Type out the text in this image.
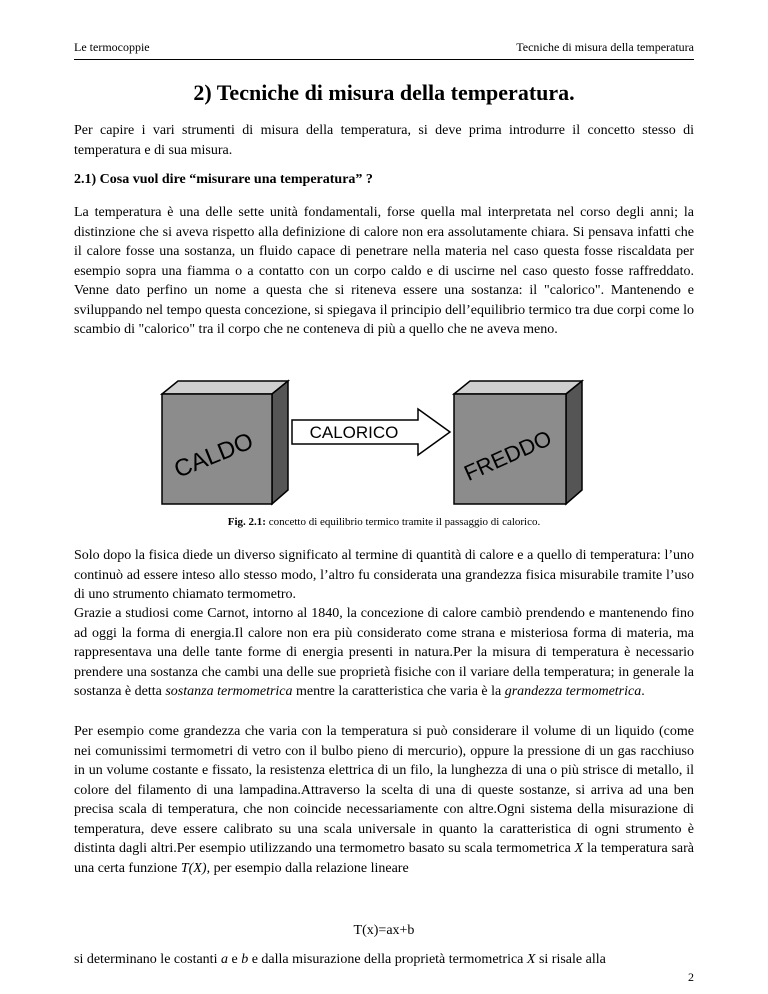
Le termocoppie	Tecniche di misura della temperatura
2) Tecniche di misura della temperatura.

Per capire i vari strumenti di misura della temperatura, si deve prima introdurre il concetto stesso di temperatura e di sua misura.

2.1) Cosa vuol dire “misurare una temperatura” ?

La temperatura è una delle sette unità fondamentali, forse quella mal interpretata nel corso degli anni; la distinzione che si aveva rispetto alla definizione di calore non era assolutamente chiara. Si pensava infatti che il calore fosse una sostanza, un fluido capace di penetrare nella materia nel caso questa fosse riscaldata per esempio sopra una fiamma o a contatto con un corpo caldo e di uscirne nel caso questo fosse raffreddato. Venne dato perfino un nome a questa che si riteneva essere una sostanza: il "calorico". Mantenendo e sviluppando nel tempo questa concezione, si spiegava il principio dell’equilibrio termico tra due corpi come lo scambio di "calorico" tra il corpo che ne conteneva di più a quello che ne aveva meno.

CALDO	CALORICO	FREDDO
Fig. 2.1: concetto di equilibrio termico tramite il passaggio di calorico.

Solo dopo la fisica diede un diverso significato al termine di quantità di calore e a quello di temperatura: l’uno continuò ad essere inteso allo stesso modo, l’altro fu considerata una grandezza fisica misurabile tramite l’uso di uno strumento chiamato termometro.

Grazie a studiosi come Carnot, intorno al 1840, la concezione di calore cambiò prendendo e mantenendo fino ad oggi la forma di energia.Il calore non era più considerato come strana e misteriosa forma di materia, ma rappresentava una delle tante forme di energia presenti in natura.Per la misura di temperatura è necessario prendere una sostanza che cambi una delle sue proprietà fisiche con il variare della temperatura; in generale la sostanza è detta sostanza termometrica mentre la caratteristica che varia è la grandezza termometrica.

Per esempio come grandezza che varia con la temperatura si può considerare il volume di un liquido (come nei comunissimi termometri di vetro con il bulbo pieno di mercurio), oppure la pressione di un gas racchiuso in un volume costante e fissato, la resistenza elettrica di un filo, la lunghezza di una o più strisce di metallo, il colore del filamento di una lampadina.Attraverso la scelta di una di queste sostanze, si arriva ad una ben precisa scala di temperatura, che non coincide necessariamente con altre.Ogni sistema della misurazione di temperatura, deve essere calibrato su una scala universale in quanto la caratteristica di ogni strumento è distinta dagli altri.Per esempio utilizzando una termometro basato su scala termometrica X la temperatura sarà una certa funzione T(X), per esempio dalla relazione lineare

T(x)=ax+b

si determinano le costanti a e b e dalla misurazione della proprietà termometrica X si risale alla

2
